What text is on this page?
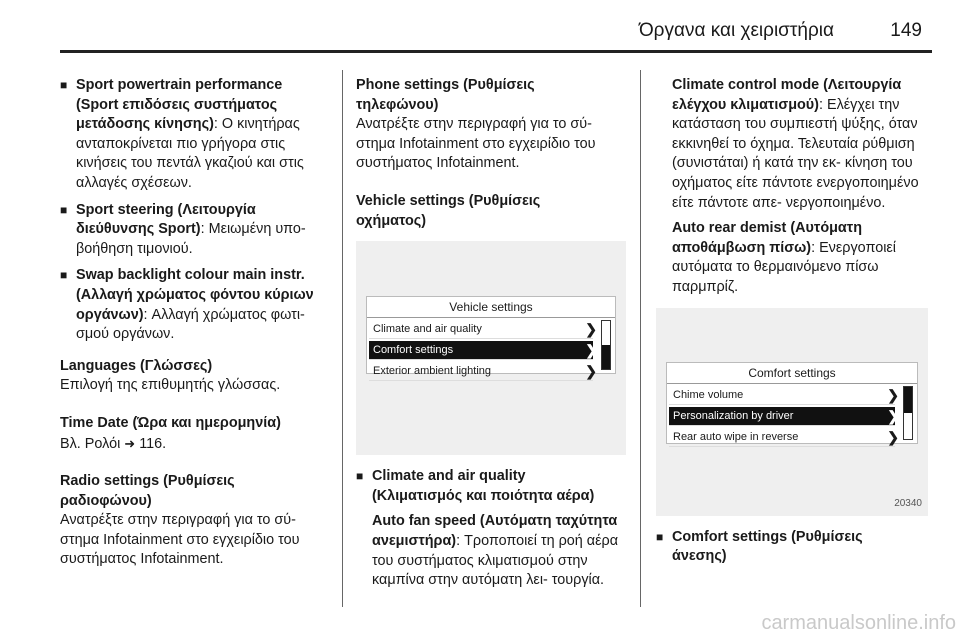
Όργανα και χειριστήρια	149
■ Sport powertrain performance
(Sport επιδόσεις συστήματος
μετάδοσης κίνησης): Ο κινητήρας ανταποκρίνεται πιο γρήγορα στις κινήσεις του πεντάλ γκαζιού και στις αλλαγές σχέσεων.
■ Sport steering (Λειτουργία
διεύθυνσης Sport): Μειωμένη υπο- βοήθηση τιμονιού.
■ Swap backlight colour main instr.
(Αλλαγή χρώματος φόντου κύριων
οργάνων): Αλλαγή χρώματος φωτι- σμού οργάνων.
Languages (Γλώσσες)
Επιλογή της επιθυμητής γλώσσας.
Time Date (Ώρα και ημερομηνία)
Βλ. Ρολόι ➜ 116.
Radio settings (Ρυθμίσεις
ραδιοφώνου)
Ανατρέξτε στην περιγραφή για το σύ- στημα Infotainment στο εγχειρίδιο του συστήματος Infotainment.
Phone settings (Ρυθμίσεις
τηλεφώνου)
Ανατρέξτε στην περιγραφή για το σύ- στημα Infotainment στο εγχειρίδιο του συστήματος Infotainment.
Vehicle settings (Ρυθμίσεις
οχήματος)
Vehicle settings
Climate and air quality	❯
Comfort settings	❯
Exterior ambient lighting	❯
■ Climate and air quality
(Κλιματισμός και ποιότητα αέρα)
Auto fan speed (Αυτόματη ταχύτητα ανεμιστήρα): Τροποποιεί τη ροή αέρα του συστήματος κλιματισμού στην καμπίνα στην αυτόματη λει- τουργία.
Climate control mode (Λειτουργία ελέγχου κλιματισμού): Ελέγχει την κατάσταση του συμπιεστή ψύξης, όταν εκκινηθεί το όχημα. Τελευταία ρύθμιση (συνιστάται) ή κατά την εκ- κίνηση του οχήματος είτε πάντοτε ενεργοποιημένο είτε πάντοτε απε- νεργοποιημένο.
Auto rear demist (Αυτόματη αποθάμβωση πίσω): Ενεργοποιεί αυτόματα το θερμαινόμενο πίσω παρμπρίζ.
Comfort settings
Chime volume	❯
Personalization by driver	❯
Rear auto wipe in reverse	❯
20340
■ Comfort settings (Ρυθμίσεις
άνεσης)
carmanualsonline.info
